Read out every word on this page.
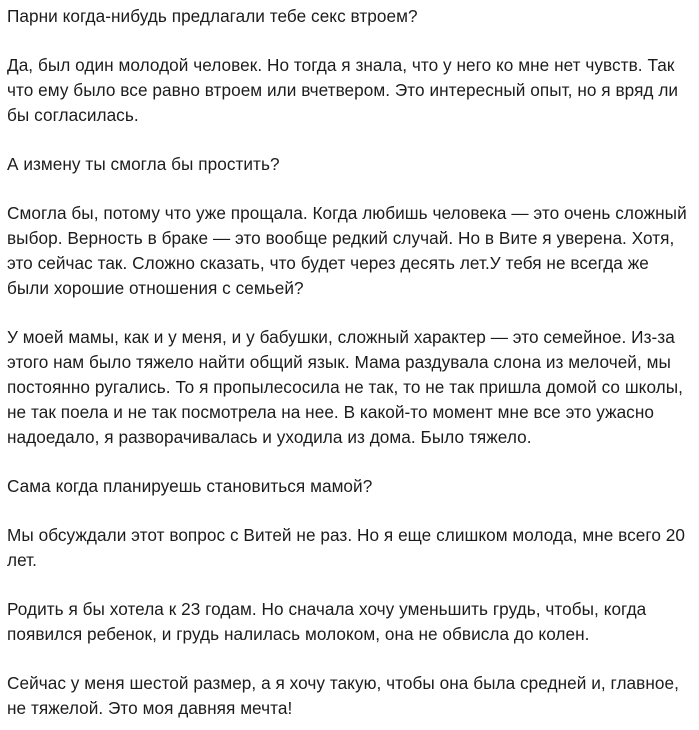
Парни когда-нибудь предлагали тебе секс втроем?

Да, был один молодой человек. Но тогда я знала, что у него ко мне нет чувств. Так что ему было все равно втроем или вчетвером. Это интересный опыт, но я вряд ли бы согласилась.

А измену ты смогла бы простить?

Смогла бы, потому что уже прощала. Когда любишь человека — это очень сложный выбор. Верность в браке — это вообще редкий случай. Но в Вите я уверена. Хотя, это сейчас так. Сложно сказать, что будет через десять лет.У тебя не всегда же были хорошие отношения с семьей?

У моей мамы, как и у меня, и у бабушки, сложный характер — это семейное. Из-за этого нам было тяжело найти общий язык. Мама раздувала слона из мелочей, мы постоянно ругались. То я пропылесосила не так, то не так пришла домой со школы, не так поела и не так посмотрела на нее. В какой-то момент мне все это ужасно надоедало, я разворачивалась и уходила из дома. Было тяжело.

Сама когда планируешь становиться мамой?

Мы обсуждали этот вопрос с Витей не раз. Но я еще слишком молода, мне всего 20 лет.

Родить я бы хотела к 23 годам. Но сначала хочу уменьшить грудь, чтобы, когда появился ребенок, и грудь налилась молоком, она не обвисла до колен.

Сейчас у меня шестой размер, а я хочу такую, чтобы она была средней и, главное, не тяжелой. Это моя давняя мечта!
